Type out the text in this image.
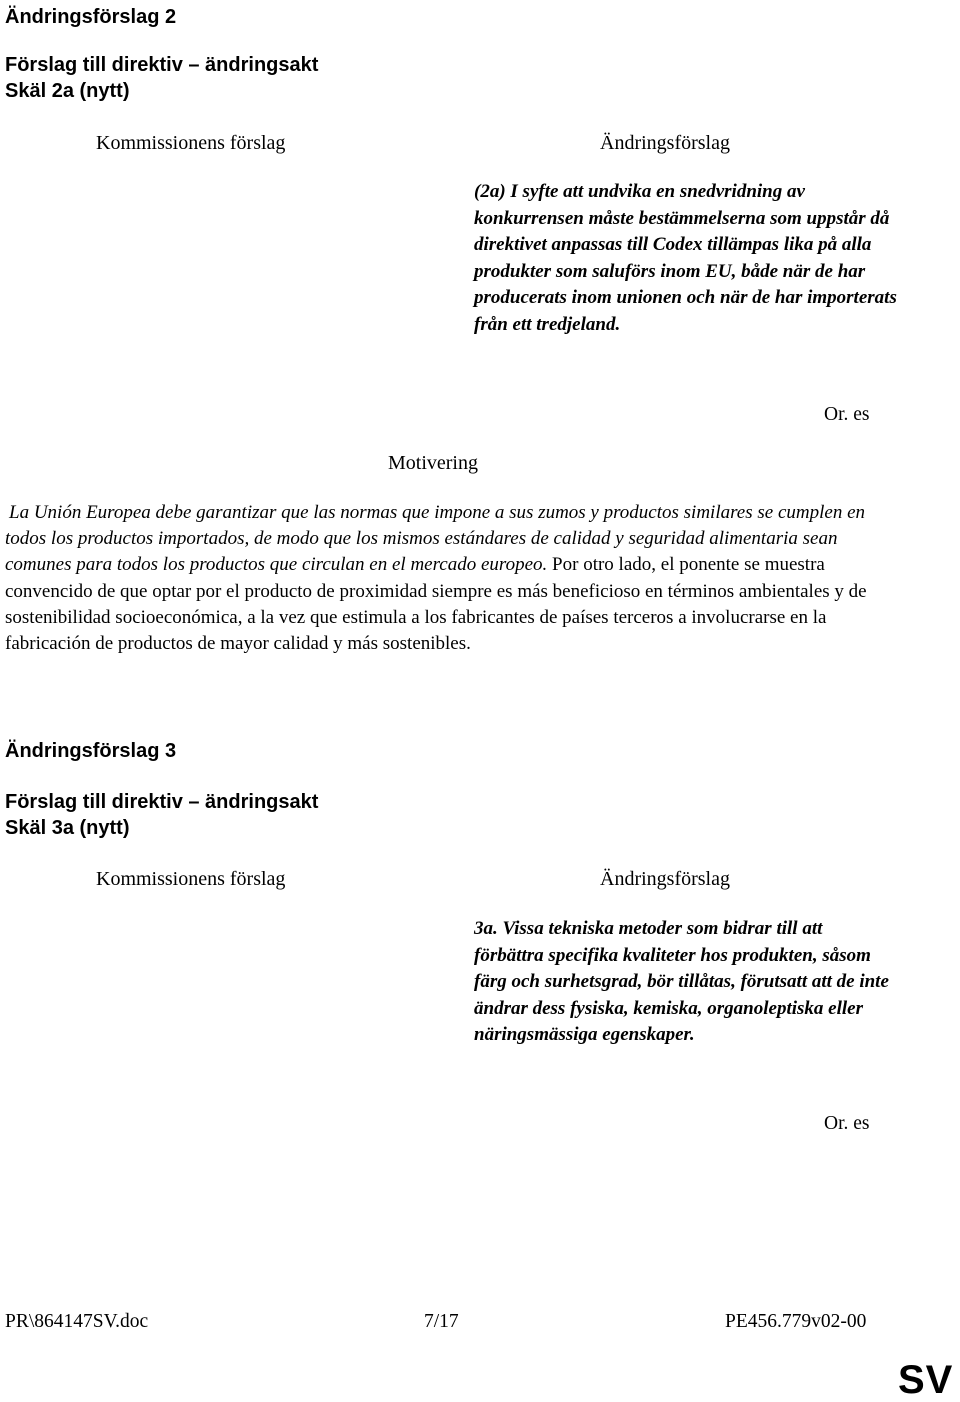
Ändringsförslag 2
Förslag till direktiv – ändringsakt
Skäl 2a (nytt)
Kommissionens förslag	Ändringsförslag

(2a) I syfte att undvika en snedvridning av konkurrensen måste bestämmelserna som uppstår då direktivet anpassas till Codex tillämpas lika på alla produkter som saluförs inom EU, både när de har producerats inom unionen och när de har importerats från ett tredjeland.

Or. es
Motivering

La Unión Europea debe garantizar que las normas que impone a sus zumos y productos similares se cumplen en todos los productos importados, de modo que los mismos estándares de calidad y seguridad alimentaria sean comunes para todos los productos que circulan en el mercado europeo. Por otro lado, el ponente se muestra convencido de que optar por el producto de proximidad siempre es más beneficioso en términos ambientales y de sostenibilidad socioeconómica, a la vez que estimula a los fabricantes de países terceros a involucrarse en la fabricación de productos de mayor calidad y más sostenibles.

Ändringsförslag 3
Förslag till direktiv – ändringsakt
Skäl 3a (nytt)
Kommissionens förslag	Ändringsförslag

3a. Vissa tekniska metoder som bidrar till att förbättra specifika kvaliteter hos produkten, såsom färg och surhetsgrad, bör tillåtas, förutsatt att de inte ändrar dess fysiska, kemiska, organoleptiska eller näringsmässiga egenskaper.

Or. es
PR\864147SV.doc	7/17	PE456.779v02-00
SV
